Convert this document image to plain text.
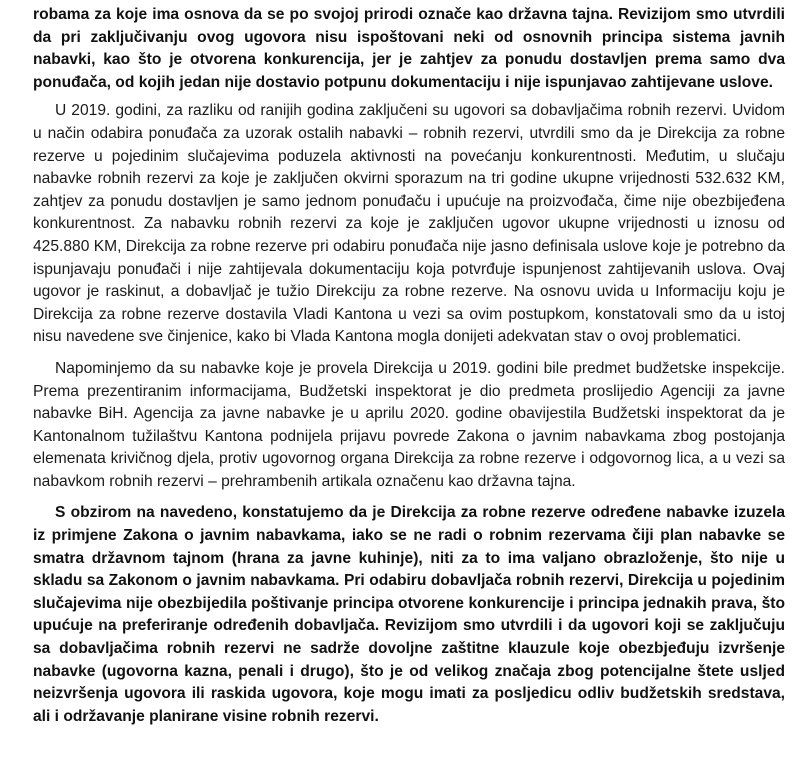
robama za koje ima osnova da se po svojoj prirodi označe kao državna tajna. Revizijom smo utvrdili da pri zaključivanju ovog ugovora nisu ispoštovani neki od osnovnih principa sistema javnih nabavki, kao što je otvorena konkurencija, jer je zahtjev za ponudu dostavljen prema samo dva ponuđača, od kojih jedan nije dostavio potpunu dokumentaciju i nije ispunjavao zahtijevane uslove.

U 2019. godini, za razliku od ranijih godina zaključeni su ugovori sa dobavljačima robnih rezervi. Uvidom u način odabira ponuđača za uzorak ostalih nabavki – robnih rezervi, utvrdili smo da je Direkcija za robne rezerve u pojedinim slučajevima poduzela aktivnosti na povećanju konkurentnosti. Međutim, u slučaju nabavke robnih rezervi za koje je zaključen okvirni sporazum na tri godine ukupne vrijednosti 532.632 KM, zahtjev za ponudu dostavljen je samo jednom ponuđaču i upućuje na proizvođača, čime nije obezbijeđena konkurentnost. Za nabavku robnih rezervi za koje je zaključen ugovor ukupne vrijednosti u iznosu od 425.880 KM, Direkcija za robne rezerve pri odabiru ponuđača nije jasno definisala uslove koje je potrebno da ispunjavaju ponuđači i nije zahtijevala dokumentaciju koja potvrđuje ispunjenost zahtijevanih uslova. Ovaj ugovor je raskinut, a dobavljač je tužio Direkciju za robne rezerve. Na osnovu uvida u Informaciju koju je Direkcija za robne rezerve dostavila Vladi Kantona u vezi sa ovim postupkom, konstatovali smo da u istoj nisu navedene sve činjenice, kako bi Vlada Kantona mogla donijeti adekvatan stav o ovoj problematici.

Napominjemo da su nabavke koje je provela Direkcija u 2019. godini bile predmet budžetske inspekcije. Prema prezentiranim informacijama, Budžetski inspektorat je dio predmeta proslijedio Agenciji za javne nabavke BiH. Agencija za javne nabavke je u aprilu 2020. godine obavijestila Budžetski inspektorat da je Kantonalnom tužilaštvu Kantona podnijela prijavu povrede Zakona o javnim nabavkama zbog postojanja elemenata krivičnog djela, protiv ugovornog organa Direkcija za robne rezerve i odgovornog lica, a u vezi sa nabavkom robnih rezervi – prehrambenih artikala označenu kao državna tajna.

S obzirom na navedeno, konstatujemo da je Direkcija za robne rezerve određene nabavke izuzela iz primjene Zakona o javnim nabavkama, iako se ne radi o robnim rezervama čiji plan nabavke se smatra državnom tajnom (hrana za javne kuhinje), niti za to ima valjano obrazloženje, što nije u skladu sa Zakonom o javnim nabavkama. Pri odabiru dobavljača robnih rezervi, Direkcija u pojedinim slučajevima nije obezbijedila poštivanje principa otvorene konkurencije i principa jednakih prava, što upućuje na preferiranje određenih dobavljača. Revizijom smo utvrdili i da ugovori koji se zaključuju sa dobavljačima robnih rezervi ne sadrže dovoljne zaštitne klauzule koje obezbjeđuju izvršenje nabavke (ugovorna kazna, penali i drugo), što je od velikog značaja zbog potencijalne štete usljed neizvršenja ugovora ili raskida ugovora, koje mogu imati za posljedicu odliv budžetskih sredstava, ali i održavanje planirane visine robnih rezervi.
